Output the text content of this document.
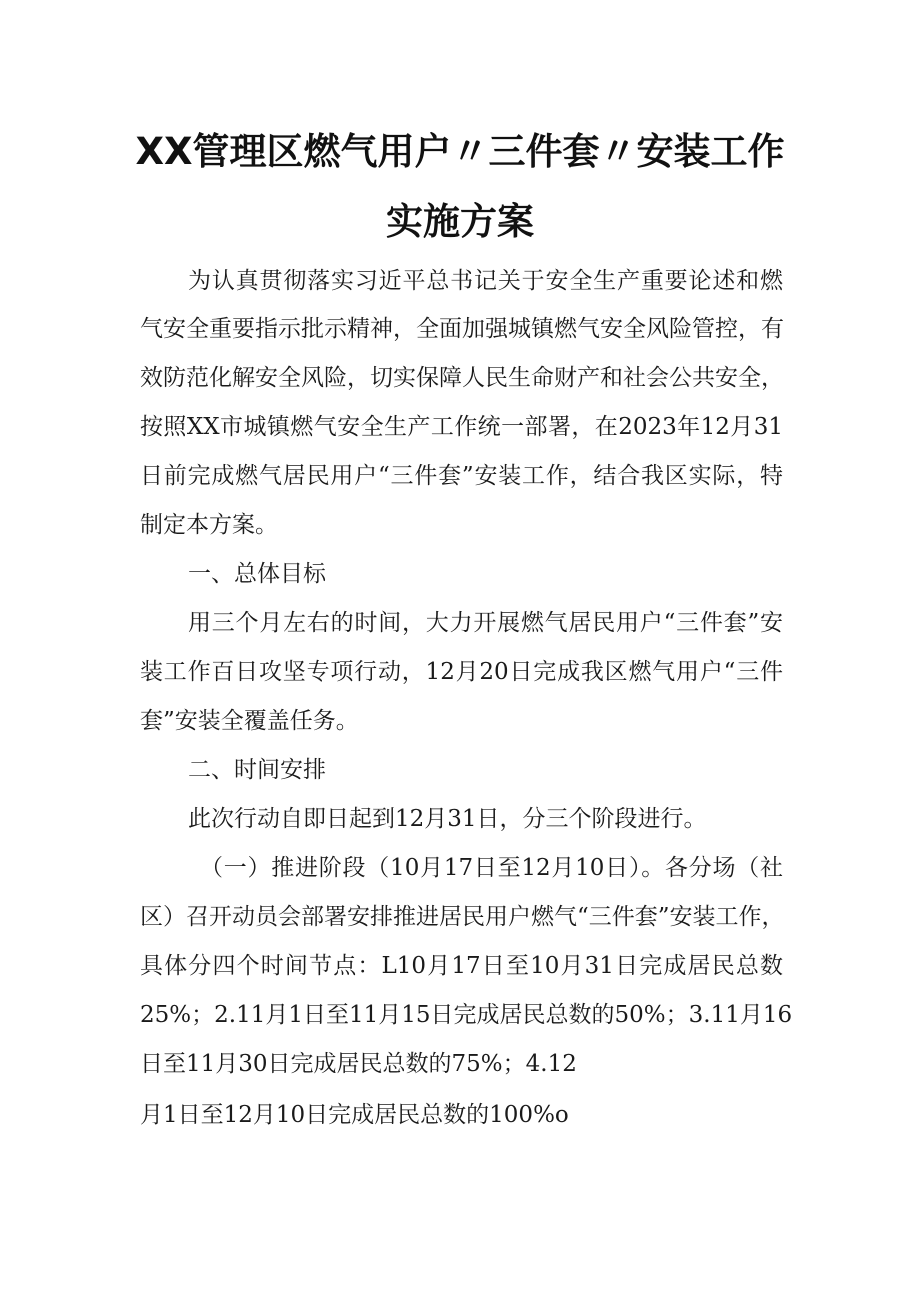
XX管理区燃气用户〃三件套〃安装工作
实施方案
为认真贯彻落实习近平总书记关于安全生产重要论述和燃
气安全重要指示批示精神，全面加强城镇燃气安全风险管控，有
效防范化解安全风险，切实保障人民生命财产和社会公共安全，
按照XX市城镇燃气安全生产工作统一部署，在2023年12月31
日前完成燃气居民用户“三件套”安装工作，结合我区实际，特
制定本方案。
一、总体目标
用三个月左右的时间，大力开展燃气居民用户“三件套”安
装工作百日攻坚专项行动，12月20日完成我区燃气用户“三件
套”安装全覆盖任务。
二、时间安排
此次行动自即日起到12月31日，分三个阶段进行。
（一）推进阶段（10月17日至12月10日）。各分场（社
区）召开动员会部署安排推进居民用户燃气“三件套”安装工作，
具体分四个时间节点：L10月17日至10月31日完成居民总数
25%；2.11月1日至11月15日完成居民总数的50%；3.11月16
日至11月30日完成居民总数的75%；4.12
月1日至12月10日完成居民总数的100%o
